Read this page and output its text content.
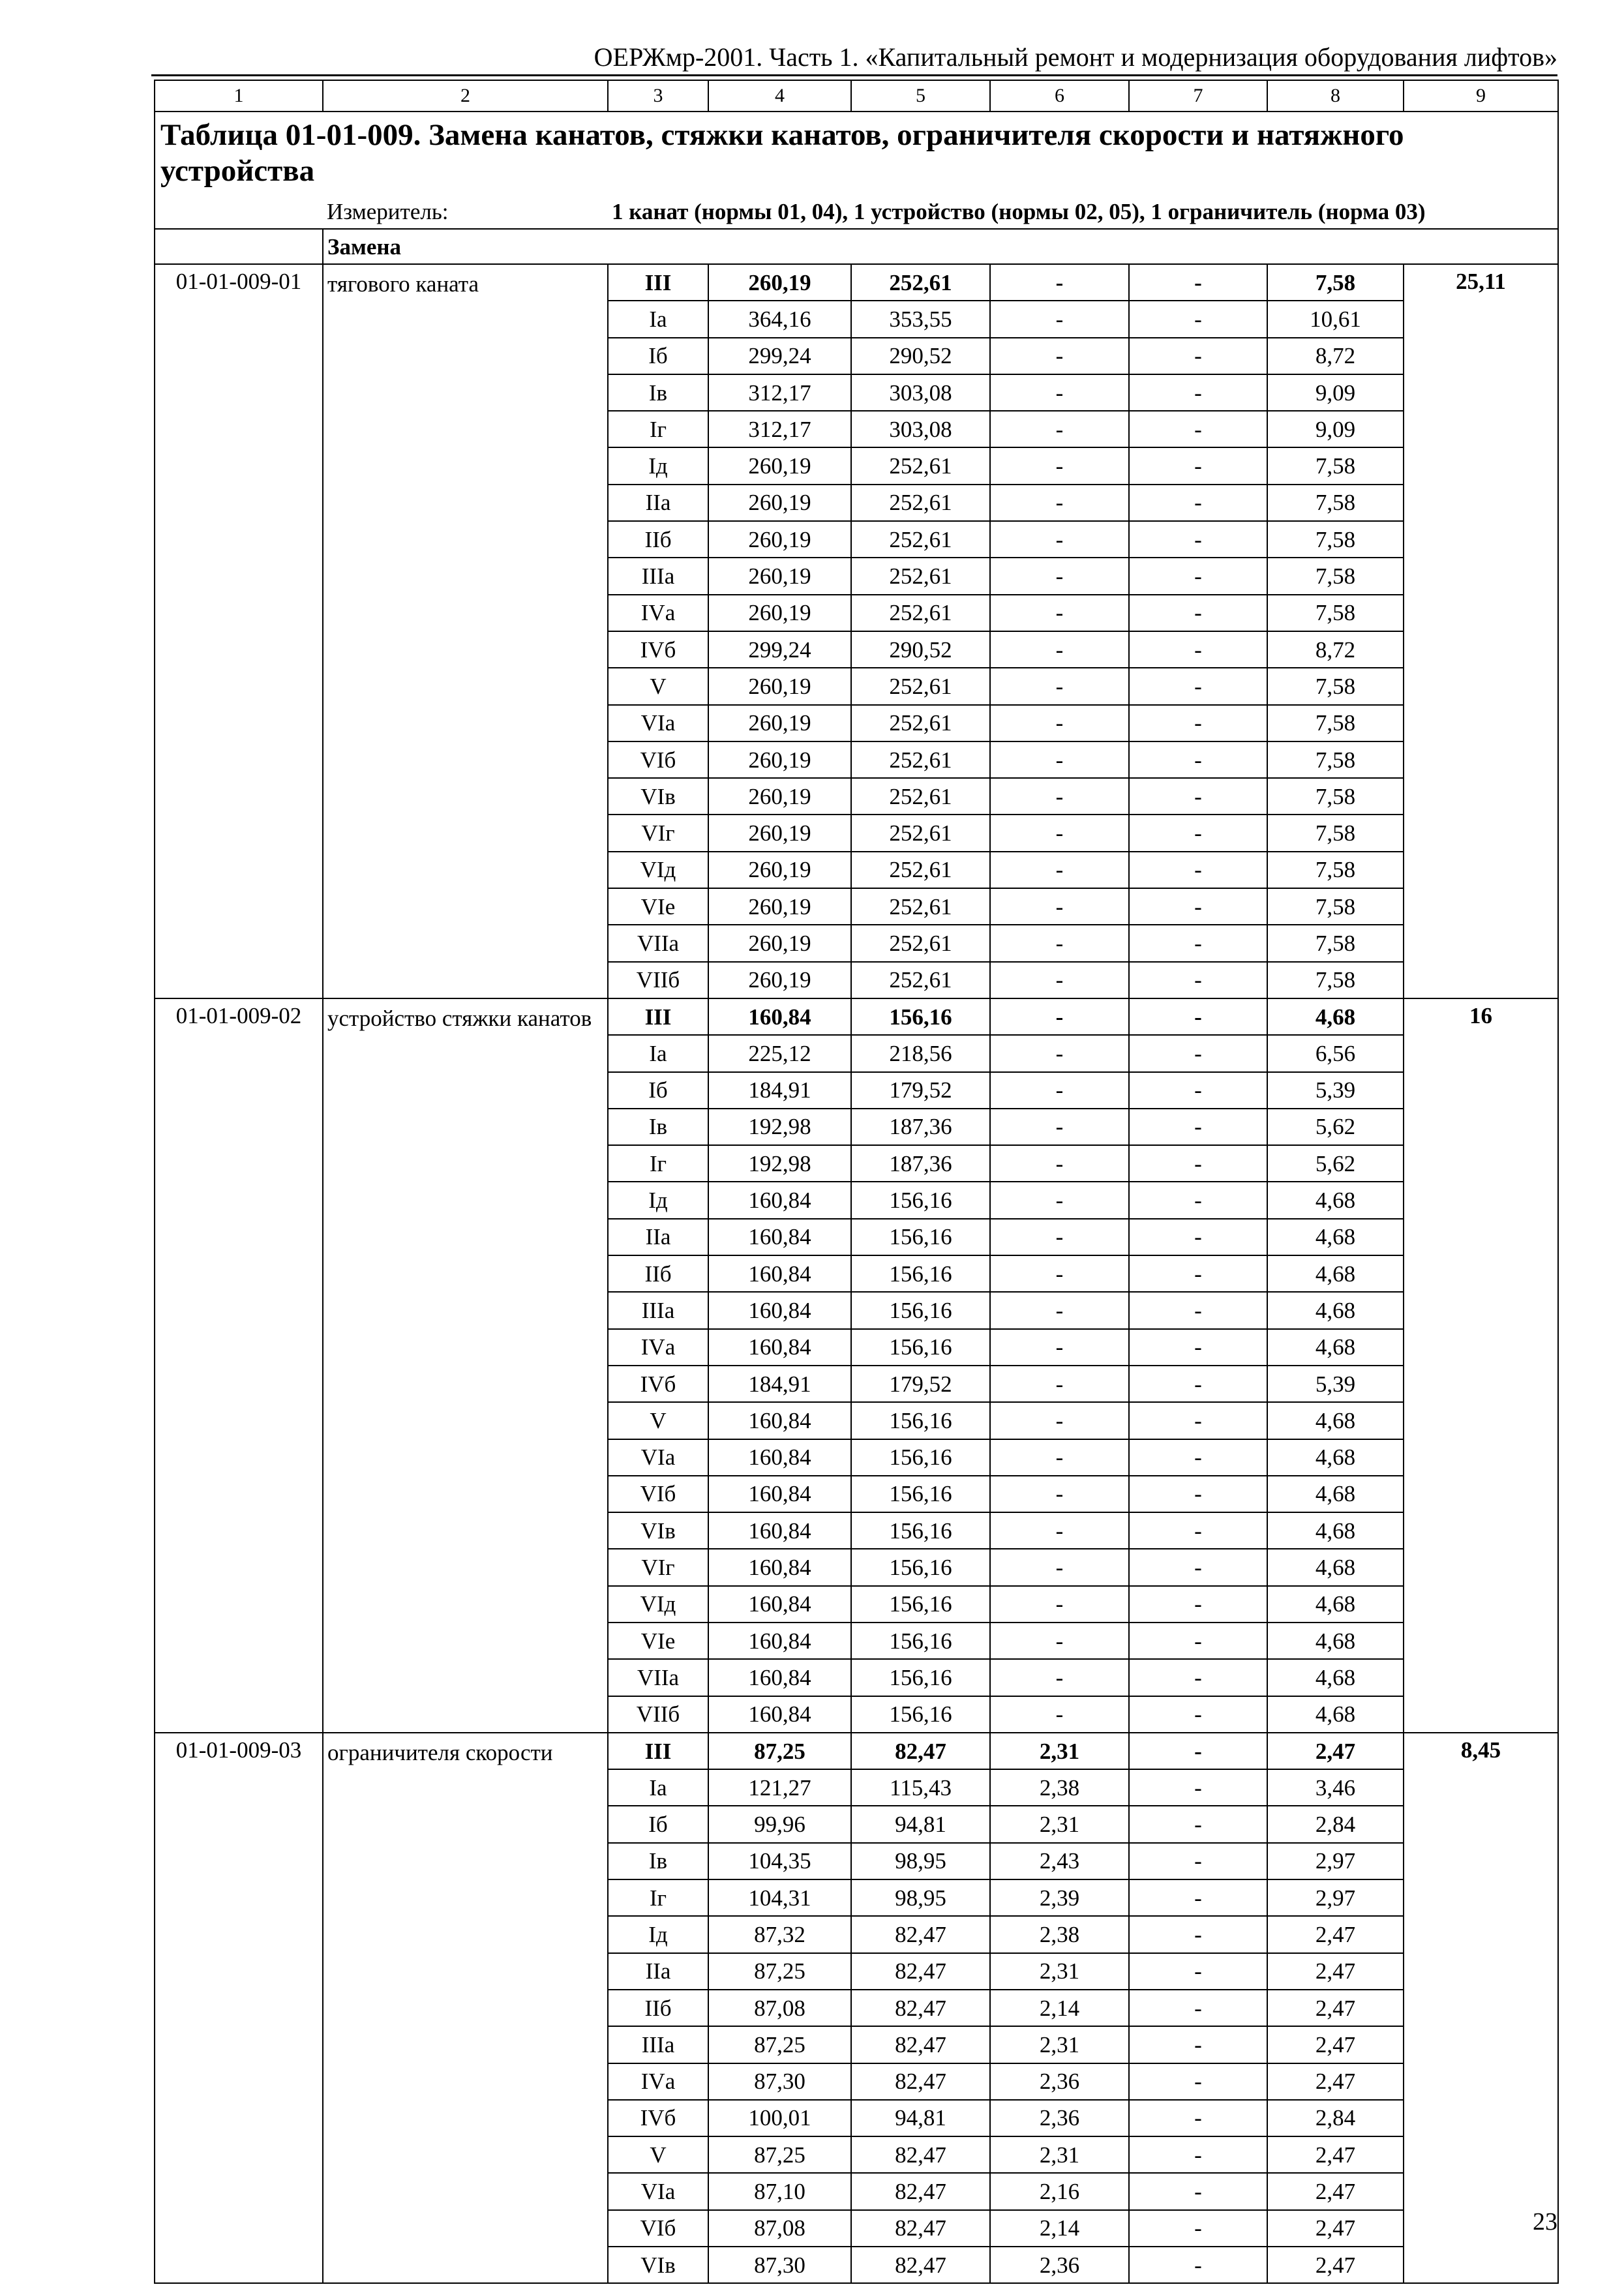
ОЕРЖмр-2001. Часть 1. «Капитальный ремонт и модернизация оборудования лифтов»
1	2	3	4	5	6	7	8	9
Таблица 01-01-009. Замена канатов, стяжки канатов, ограничителя скорости и натяжного устройства								
	Измеритель:	1 канат (нормы 01, 04), 1 устройство (нормы 02, 05), 1 ограничитель (норма 03)						
	Замена							
01-01-009-01	тягового каната	III	260,19	252,61	-	-	7,58	25,11
		Iа	364,16	353,55	-	-	10,61	
		Iб	299,24	290,52	-	-	8,72	
		Iв	312,17	303,08	-	-	9,09	
		Iг	312,17	303,08	-	-	9,09	
		Iд	260,19	252,61	-	-	7,58	
		IIа	260,19	252,61	-	-	7,58	
		IIб	260,19	252,61	-	-	7,58	
		IIIа	260,19	252,61	-	-	7,58	
		IVа	260,19	252,61	-	-	7,58	
		IVб	299,24	290,52	-	-	8,72	
		V	260,19	252,61	-	-	7,58	
		VIа	260,19	252,61	-	-	7,58	
		VIб	260,19	252,61	-	-	7,58	
		VIв	260,19	252,61	-	-	7,58	
		VIг	260,19	252,61	-	-	7,58	
		VIд	260,19	252,61	-	-	7,58	
		VIе	260,19	252,61	-	-	7,58	
		VIIа	260,19	252,61	-	-	7,58	
		VIIб	260,19	252,61	-	-	7,58	
01-01-009-02	устройство стяжки канатов	III	160,84	156,16	-	-	4,68	16
		Iа	225,12	218,56	-	-	6,56	
		Iб	184,91	179,52	-	-	5,39	
		Iв	192,98	187,36	-	-	5,62	
		Iг	192,98	187,36	-	-	5,62	
		Iд	160,84	156,16	-	-	4,68	
		IIа	160,84	156,16	-	-	4,68	
		IIб	160,84	156,16	-	-	4,68	
		IIIа	160,84	156,16	-	-	4,68	
		IVа	160,84	156,16	-	-	4,68	
		IVб	184,91	179,52	-	-	5,39	
		V	160,84	156,16	-	-	4,68	
		VIа	160,84	156,16	-	-	4,68	
		VIб	160,84	156,16	-	-	4,68	
		VIв	160,84	156,16	-	-	4,68	
		VIг	160,84	156,16	-	-	4,68	
		VIд	160,84	156,16	-	-	4,68	
		VIе	160,84	156,16	-	-	4,68	
		VIIа	160,84	156,16	-	-	4,68	
		VIIб	160,84	156,16	-	-	4,68	
01-01-009-03	ограничителя скорости	III	87,25	82,47	2,31	-	2,47	8,45
		Iа	121,27	115,43	2,38	-	3,46	
		Iб	99,96	94,81	2,31	-	2,84	
		Iв	104,35	98,95	2,43	-	2,97	
		Iг	104,31	98,95	2,39	-	2,97	
		Iд	87,32	82,47	2,38	-	2,47	
		IIа	87,25	82,47	2,31	-	2,47	
		IIб	87,08	82,47	2,14	-	2,47	
		IIIа	87,25	82,47	2,31	-	2,47	
		IVа	87,30	82,47	2,36	-	2,47	
		IVб	100,01	94,81	2,36	-	2,84	
		V	87,25	82,47	2,31	-	2,47	
		VIа	87,10	82,47	2,16	-	2,47	
		VIб	87,08	82,47	2,14	-	2,47	
		VIв	87,30	82,47	2,36	-	2,47	
23
